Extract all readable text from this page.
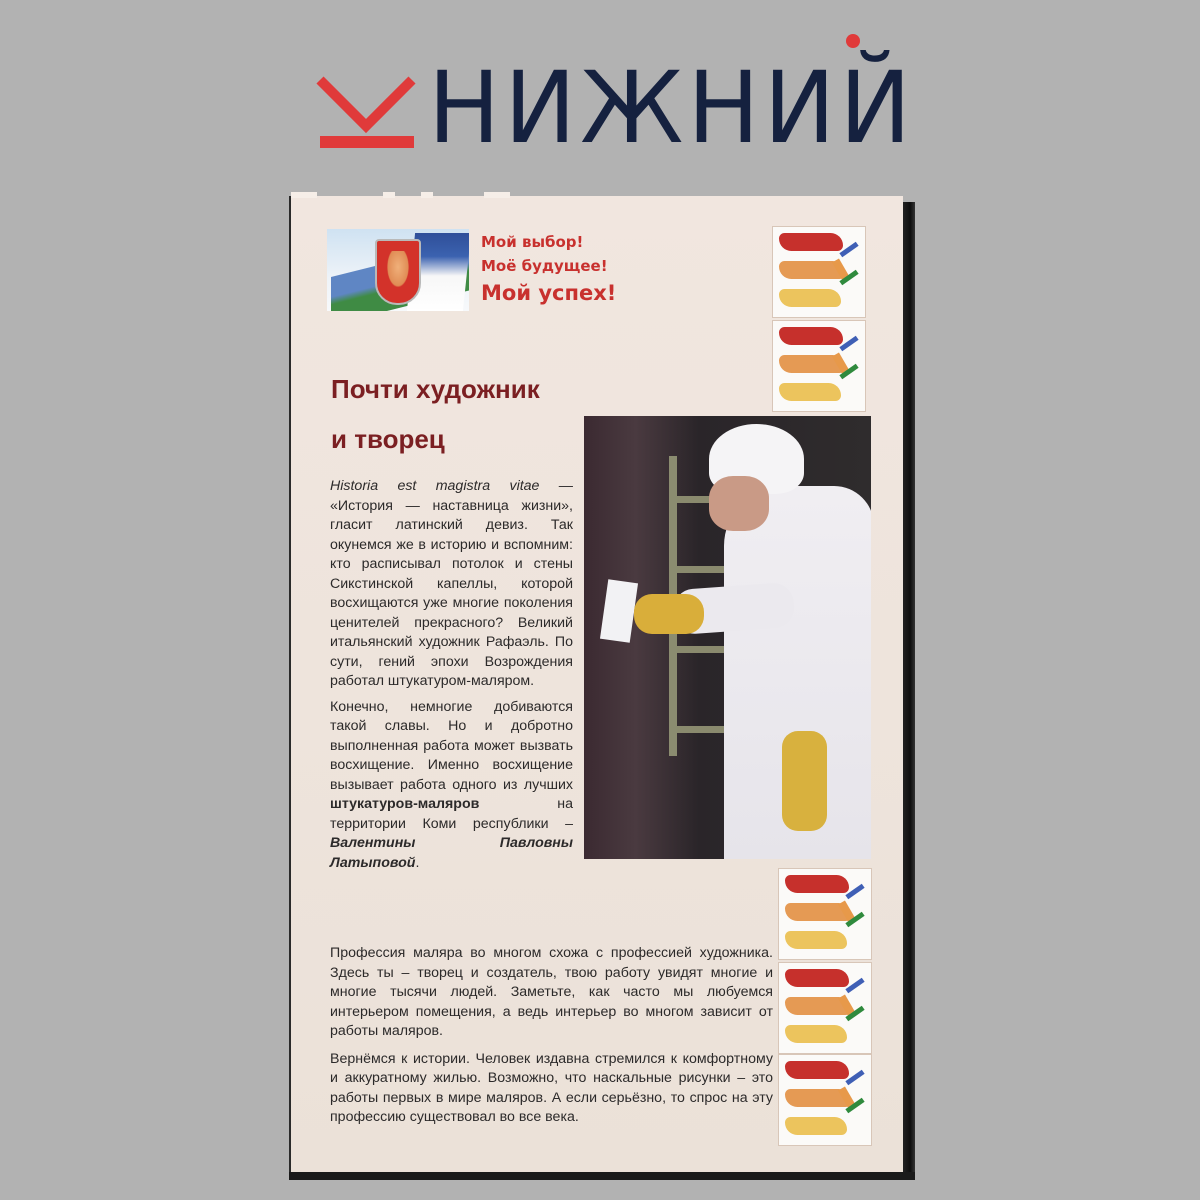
НИЖНИЙ
Мой выбор!
Моё будущее!
Мой успех!
Почти художник
и творец

Historia est magistra vitae — «История — наставница жизни», гласит латинский девиз. Так окунемся же в историю и вспомним: кто расписывал потолок и стены Сикстинской капеллы, которой восхищаются уже многие поколения ценителей прекрасного? Великий итальянский художник Рафаэль. По сути, гений эпохи Возрождения работал штукатуром-маляром.

Конечно, немногие добиваются такой славы. Но и добротно выполненная работа может вызвать восхищение. Именно восхищение вызывает работа одного из лучших штукатуров-маляров на территории Коми республики – Валентины Павловны Латыповой.

Профессия маляра во многом схожа с профессией художника. Здесь ты – творец и создатель, твою работу увидят многие и многие тысячи людей. Заметьте, как часто мы любуемся интерьером помещения, а ведь интерьер во многом зависит от работы маляров.

Вернёмся к истории. Человек издавна стремился к комфортному и аккуратному жилью. Возможно, что наскальные рисунки – это работы первых в мире маляров. А если серьёзно, то спрос на эту профессию существовал во все века.
